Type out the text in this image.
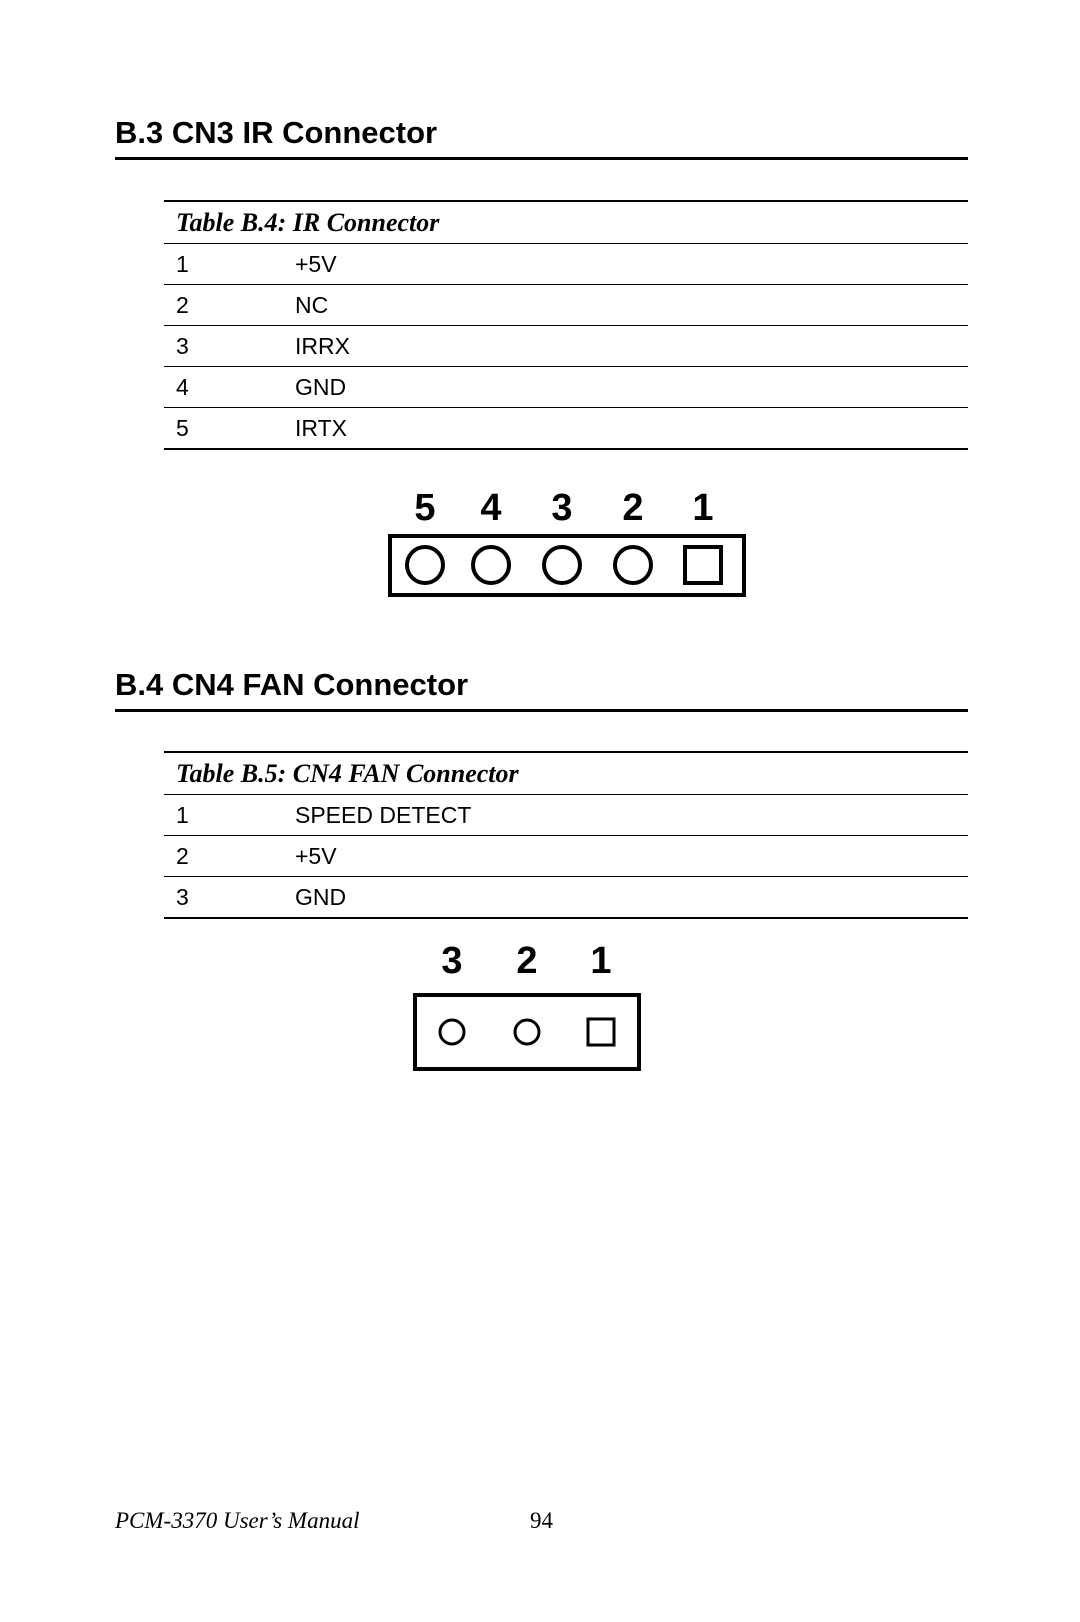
B.3 CN3 IR Connector
Table B.4: IR Connector
1	+5V
2	NC
3	IRRX
4	GND
5	IRTX
5 4 3 2 1
B.4 CN4 FAN Connector
Table B.5: CN4 FAN Connector
1	SPEED DETECT
2	+5V
3	GND
3 2 1
PCM-3370 User’s Manual	94
